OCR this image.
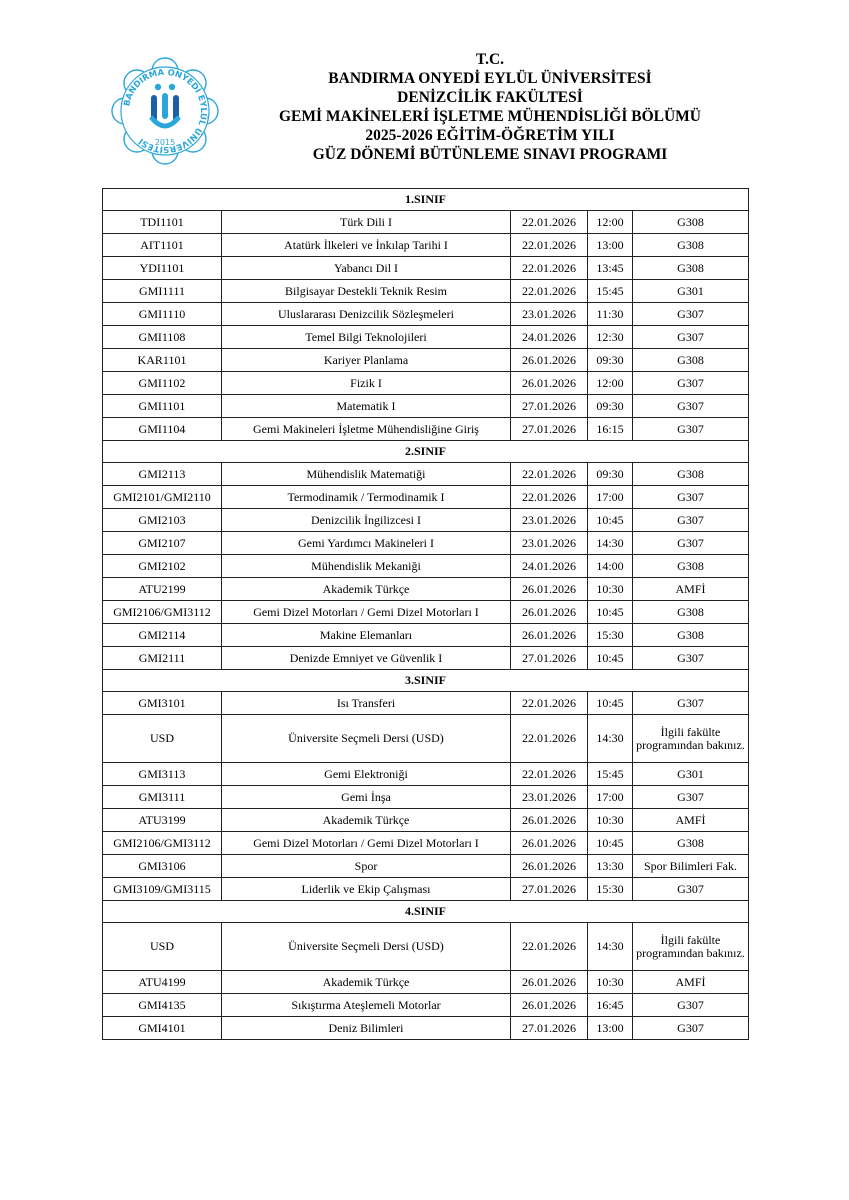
BANDIRMA ONYEDİ EYLÜL ÜNİVERSİTESİ	2015
T.C.
BANDIRMA ONYEDİ EYLÜL ÜNİVERSİTESİ
DENİZCİLİK FAKÜLTESİ
GEMİ MAKİNELERİ İŞLETME MÜHENDİSLİĞİ BÖLÜMÜ
2025-2026 EĞİTİM-ÖĞRETİM YILI
GÜZ DÖNEMİ BÜTÜNLEME SINAVI PROGRAMI
1.SINIF				
TDI1101	Türk Dili I	22.01.2026	12:00	G308
AIT1101	Atatürk İlkeleri ve İnkılap Tarihi I	22.01.2026	13:00	G308
YDI1101	Yabancı Dil I	22.01.2026	13:45	G308
GMI1111	Bilgisayar Destekli Teknik Resim	22.01.2026	15:45	G301
GMI1110	Uluslararası Denizcilik Sözleşmeleri	23.01.2026	11:30	G307
GMI1108	Temel Bilgi Teknolojileri	24.01.2026	12:30	G307
KAR1101	Kariyer Planlama	26.01.2026	09:30	G308
GMI1102	Fizik I	26.01.2026	12:00	G307
GMI1101	Matematik I	27.01.2026	09:30	G307
GMI1104	Gemi Makineleri İşletme Mühendisliğine Giriş	27.01.2026	16:15	G307
2.SINIF				
GMI2113	Mühendislik Matematiği	22.01.2026	09:30	G308
GMI2101/GMI2110	Termodinamik / Termodinamik I	22.01.2026	17:00	G307
GMI2103	Denizcilik İngilizcesi I	23.01.2026	10:45	G307
GMI2107	Gemi Yardımcı Makineleri I	23.01.2026	14:30	G307
GMI2102	Mühendislik Mekaniği	24.01.2026	14:00	G308
ATU2199	Akademik Türkçe	26.01.2026	10:30	AMFİ
GMI2106/GMI3112	Gemi Dizel Motorları / Gemi Dizel Motorları I	26.01.2026	10:45	G308
GMI2114	Makine Elemanları	26.01.2026	15:30	G308
GMI2111	Denizde Emniyet ve Güvenlik I	27.01.2026	10:45	G307
3.SINIF				
GMI3101	Isı Transferi	22.01.2026	10:45	G307
USD	Üniversite Seçmeli Dersi (USD)	22.01.2026	14:30	İlgili fakülte programından bakınız.
GMI3113	Gemi Elektroniği	22.01.2026	15:45	G301
GMI3111	Gemi İnşa	23.01.2026	17:00	G307
ATU3199	Akademik Türkçe	26.01.2026	10:30	AMFİ
GMI2106/GMI3112	Gemi Dizel Motorları / Gemi Dizel Motorları I	26.01.2026	10:45	G308
GMI3106	Spor	26.01.2026	13:30	Spor Bilimleri Fak.
GMI3109/GMI3115	Liderlik ve Ekip Çalışması	27.01.2026	15:30	G307
4.SINIF				
USD	Üniversite Seçmeli Dersi (USD)	22.01.2026	14:30	İlgili fakülte programından bakınız.
ATU4199	Akademik Türkçe	26.01.2026	10:30	AMFİ
GMI4135	Sıkıştırma Ateşlemeli Motorlar	26.01.2026	16:45	G307
GMI4101	Deniz Bilimleri	27.01.2026	13:00	G307
